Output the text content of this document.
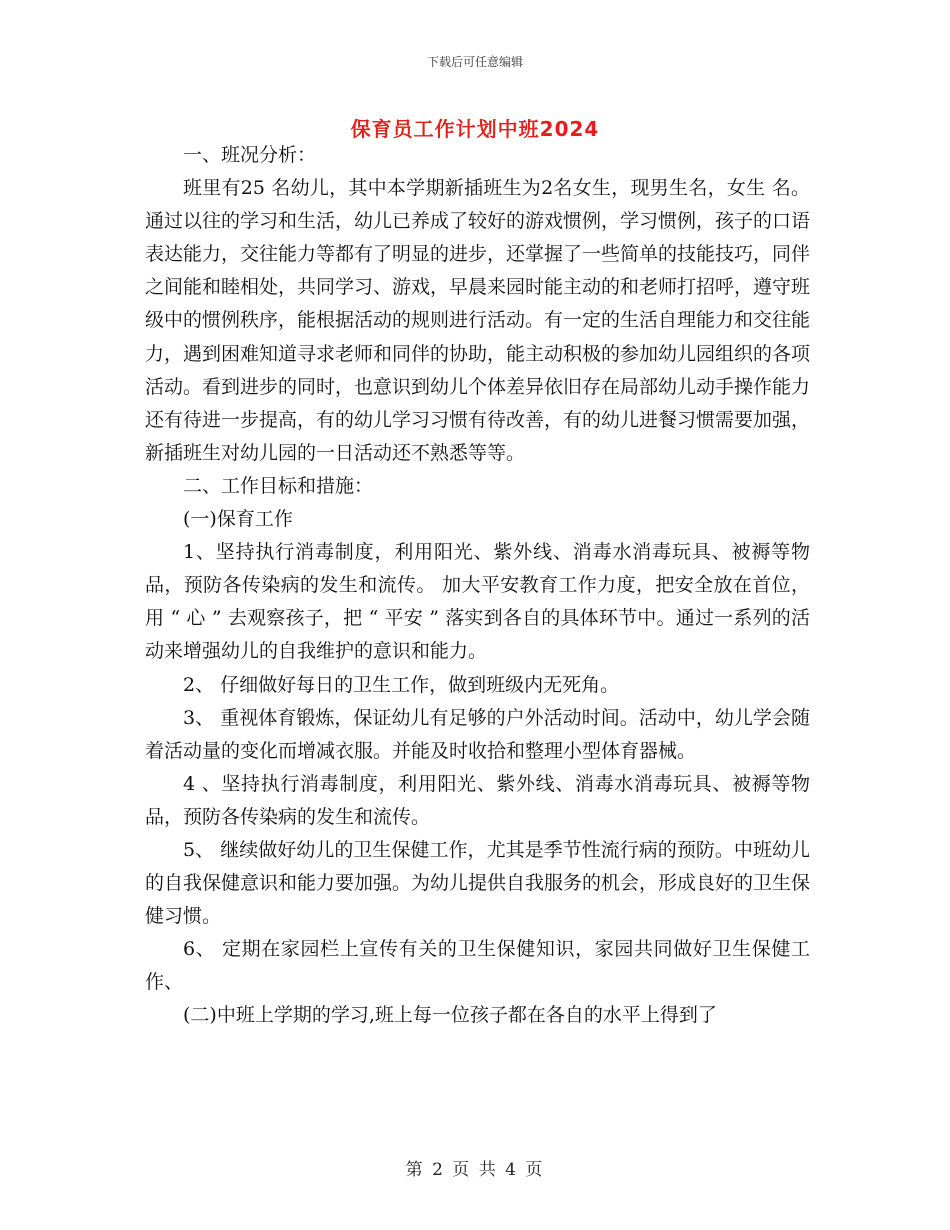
下载后可任意编辑
保育员工作计划中班2024

一、班况分析：

班里有25 名幼儿，其中本学期新插班生为2名女生，现男生名，女生 名。通过以往的学习和生活，幼儿已养成了较好的游戏惯例，学习惯例，孩子的口语表达能力，交往能力等都有了明显的进步，还掌握了一些简单的技能技巧，同伴之间能和睦相处，共同学习、游戏，早晨来园时能主动的和老师打招呼，遵守班级中的惯例秩序，能根据活动的规则进行活动。有一定的生活自理能力和交往能力，遇到困难知道寻求老师和同伴的协助，能主动积极的参加幼儿园组织的各项活动。看到进步的同时，也意识到幼儿个体差异依旧存在局部幼儿动手操作能力还有待进一步提高，有的幼儿学习习惯有待改善，有的幼儿进餐习惯需要加强，新插班生对幼儿园的一日活动还不熟悉等等。

二、工作目标和措施：

(一)保育工作

1、坚持执行消毒制度，利用阳光、紫外线、消毒水消毒玩具、被褥等物品，预防各传染病的发生和流传。 加大平安教育工作力度，把安全放在首位，用 “ 心 ” 去观察孩子，把 “ 平安 ” 落实到各自的具体环节中。通过一系列的活动来增强幼儿的自我维护的意识和能力。

2、 仔细做好每日的卫生工作，做到班级内无死角。

3、 重视体育锻炼，保证幼儿有足够的户外活动时间。活动中，幼儿学会随着活动量的变化而增减衣服。并能及时收拾和整理小型体育器械。

4 、坚持执行消毒制度，利用阳光、紫外线、消毒水消毒玩具、被褥等物品，预防各传染病的发生和流传。

5、 继续做好幼儿的卫生保健工作，尤其是季节性流行病的预防。中班幼儿的自我保健意识和能力要加强。为幼儿提供自我服务的机会，形成良好的卫生保健习惯。

6、 定期在家园栏上宣传有关的卫生保健知识，家园共同做好卫生保健工作、

(二)中班上学期的学习,班上每一位孩子都在各自的水平上得到了

第 2 页 共 4 页
